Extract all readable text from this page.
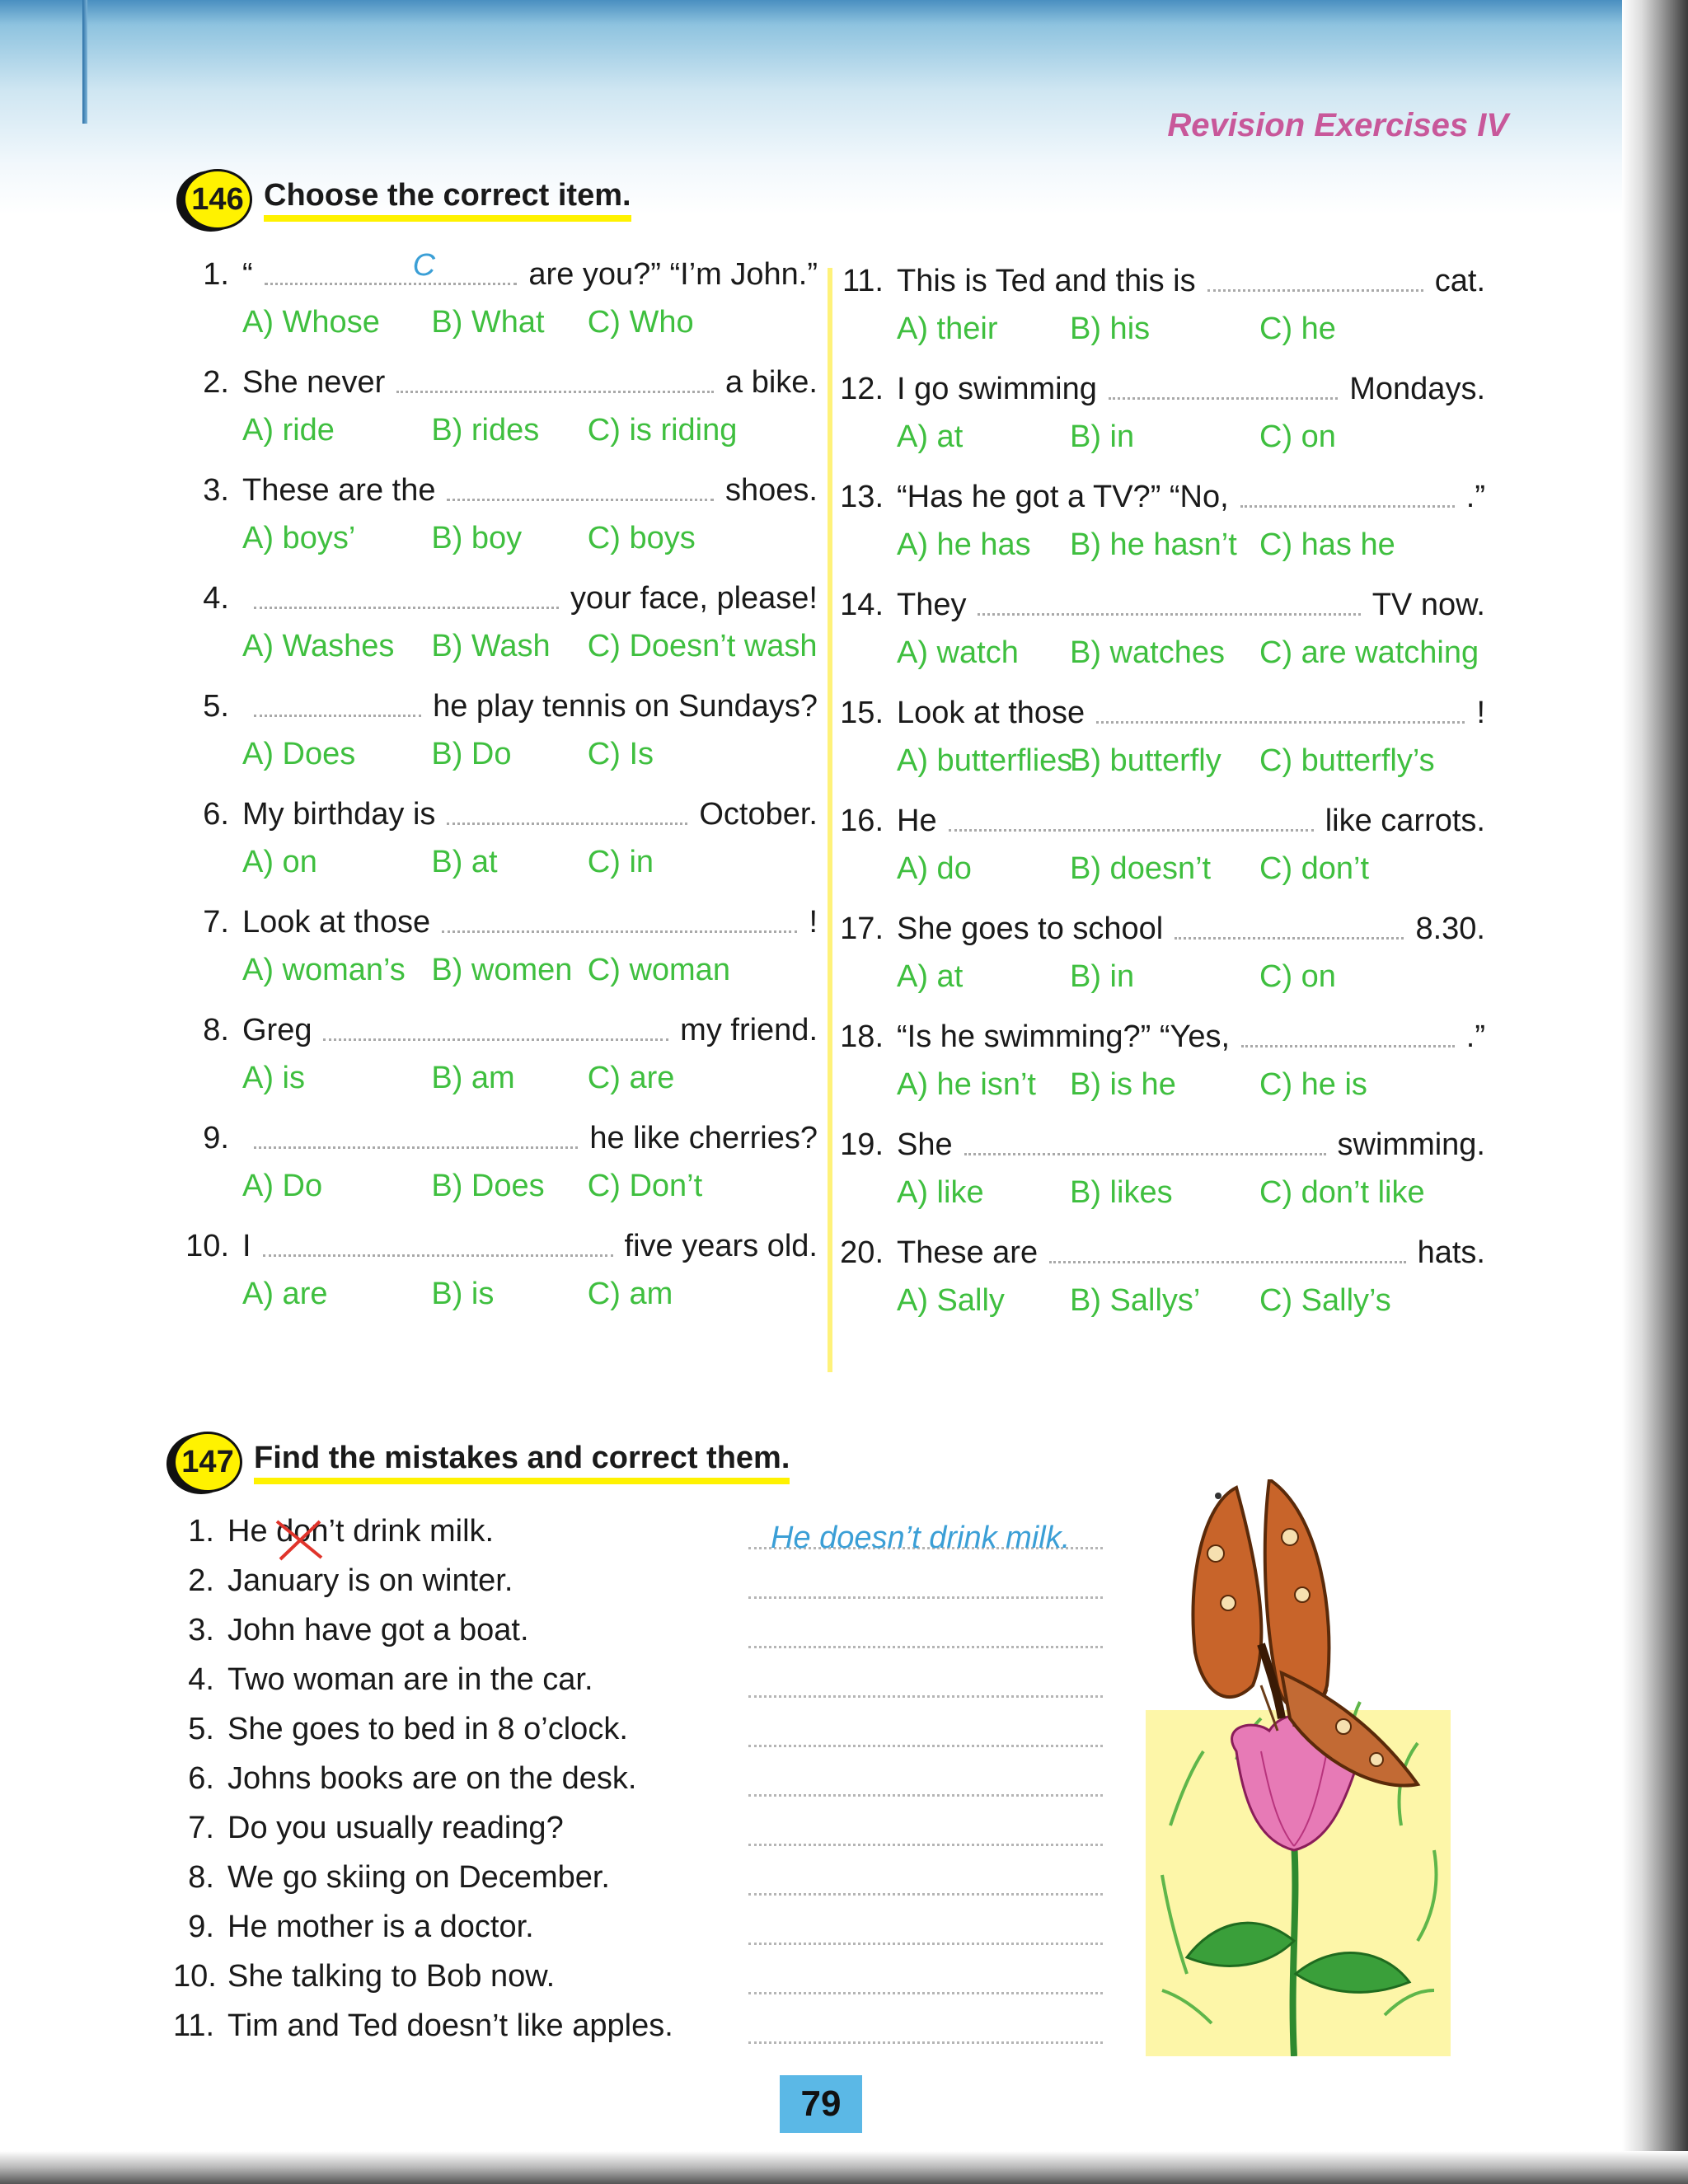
Revision Exercises IV
146 Choose the correct item.
1. “	C	are you?” “I’m John.”
A) Whose	B) What	C) Who
2. She never	a bike.
A) ride	B) rides	C) is riding
3. These are the	shoes.
A) boys’	B) boy	C) boys
4.	your face, please!
A) Washes	B) Wash	C) Doesn’t wash
5.	he play tennis on Sundays?
A) Does	B) Do	C) Is
6. My birthday is	October.
A) on	B) at	C) in
7. Look at those	!
A) woman’s B) women C) woman
8. Greg	my friend.
A) is	B) am	C) are
9.	he like cherries?
A) Do	B) Does	C) Don’t
10. I	five years old.
A) are	B) is	C) am
11. This is Ted and this is	cat.
A) their	B) his	C) he
12. I go swimming	Mondays.
A) at	B) in	C) on
13. “Has he got a TV?” “No,	.”
A) he has	B) he hasn’t C) has he
14. They	TV now.
A) watch	B) watches	C) are watching
15. Look at those	!
A) butterflies
B) butterfly	C) butterfly’s
16. He	like carrots.
A) do	B) doesn’t	C) don’t
17. She goes to school	8.30.
A) at	B) in	C) on
18. “Is he swimming?” “Yes,	.”
A) he isn’t	B) is he	C) he is
19. She	swimming.
A) like	B) likes	C) don’t like
20. These are	hats.
A) Sally	B) Sallys’	C) Sally’s
147 Find the mistakes and correct them.
1. He don’t drink milk.
2. January is on winter.
3. John have got a boat.
4. Two woman are in the car.
5. She goes to bed in 8 o’clock.
6. Johns books are on the desk.
7. Do you usually reading?
8. We go skiing on December.
9. He mother is a doctor.
10. She talking to Bob now.
11. Tim and Ted doesn’t like apples.
He doesn’t drink milk.
79
